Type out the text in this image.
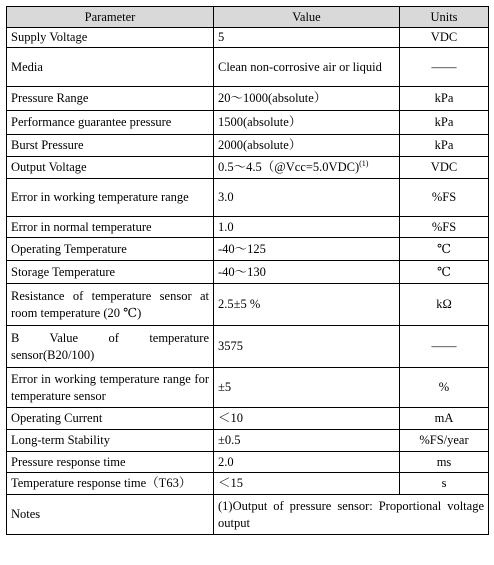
Parameter	Value	Units
Supply Voltage	5	VDC
Media	Clean non-corrosive air or liquid	——
Pressure Range	20～1000(absolute）	kPa
Performance guarantee pressure	1500(absolute）	kPa
Burst Pressure	2000(absolute）	kPa
Output Voltage	0.5～4.5（@Vcc=5.0VDC)$^{(1)}$	VDC
Error in working temperature range	3.0	%FS
Error in normal temperature	1.0	%FS
Operating Temperature	-40～125	℃
Storage Temperature	-40～130	℃
Resistance of temperature sensor at room temperature (20 ℃)	2.5±5 %	kΩ
B Value of temperature sensor(B20/100)	3575	——
Error in working temperature range for temperature sensor	±5	%
Operating Current	＜10	mA
Long-term Stability	±0.5	%FS/year
Pressure response time	2.0	ms
Temperature response time（T63）	＜15	s
Notes	(1)Output of pressure sensor: Proportional voltage output	
